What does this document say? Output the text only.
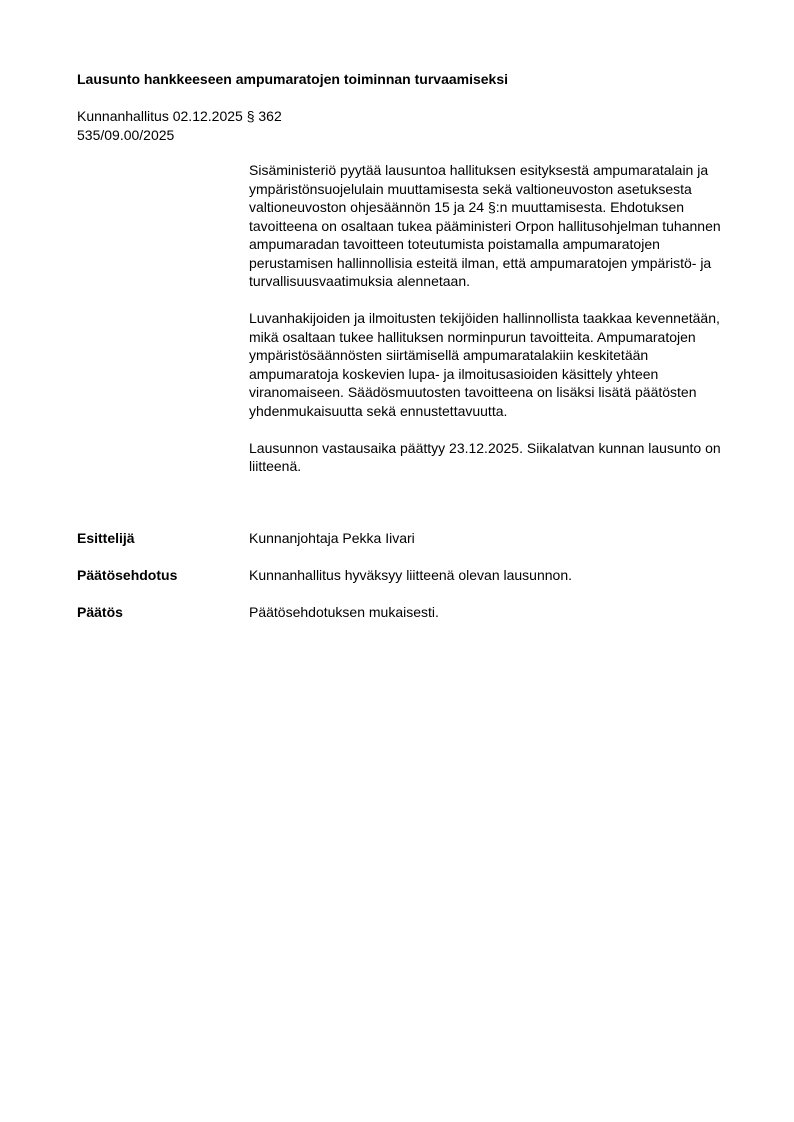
Lausunto hankkeeseen ampumaratojen toiminnan turvaamiseksi
Kunnanhallitus 02.12.2025 § 362
535/09.00/2025

Sisäministeriö pyytää lausuntoa hallituksen esityksestä ampumaratalain ja ympäristönsuojelulain muuttamisesta sekä valtioneuvoston asetuksesta valtioneuvoston ohjesäännön 15 ja 24 §:n muuttamisesta. Ehdotuksen tavoitteena on osaltaan tukea pääministeri Orpon hallitusohjelman tuhannen ampumaradan tavoitteen toteutumista poistamalla ampumaratojen perustamisen hallinnollisia esteitä ilman, että ampumaratojen ympäristö- ja turvallisuusvaatimuksia alennetaan.

Luvanhakijoiden ja ilmoitusten tekijöiden hallinnollista taakkaa kevennetään, mikä osaltaan tukee hallituksen norminpurun tavoitteita. Ampumaratojen ympäristösäännösten siirtämisellä ampumaratalakiin keskitetään ampumaratoja koskevien lupa- ja ilmoitusasioiden käsittely yhteen viranomaiseen. Säädösmuutosten tavoitteena on lisäksi lisätä päätösten yhdenmukaisuutta sekä ennustettavuutta.

Lausunnon vastausaika päättyy 23.12.2025. Siikalatvan kunnan lausunto on liitteenä.

Esittelijä	Kunnanjohtaja Pekka Iivari
Päätösehdotus	Kunnanhallitus hyväksyy liitteenä olevan lausunnon.
Päätös	Päätösehdotuksen mukaisesti.
